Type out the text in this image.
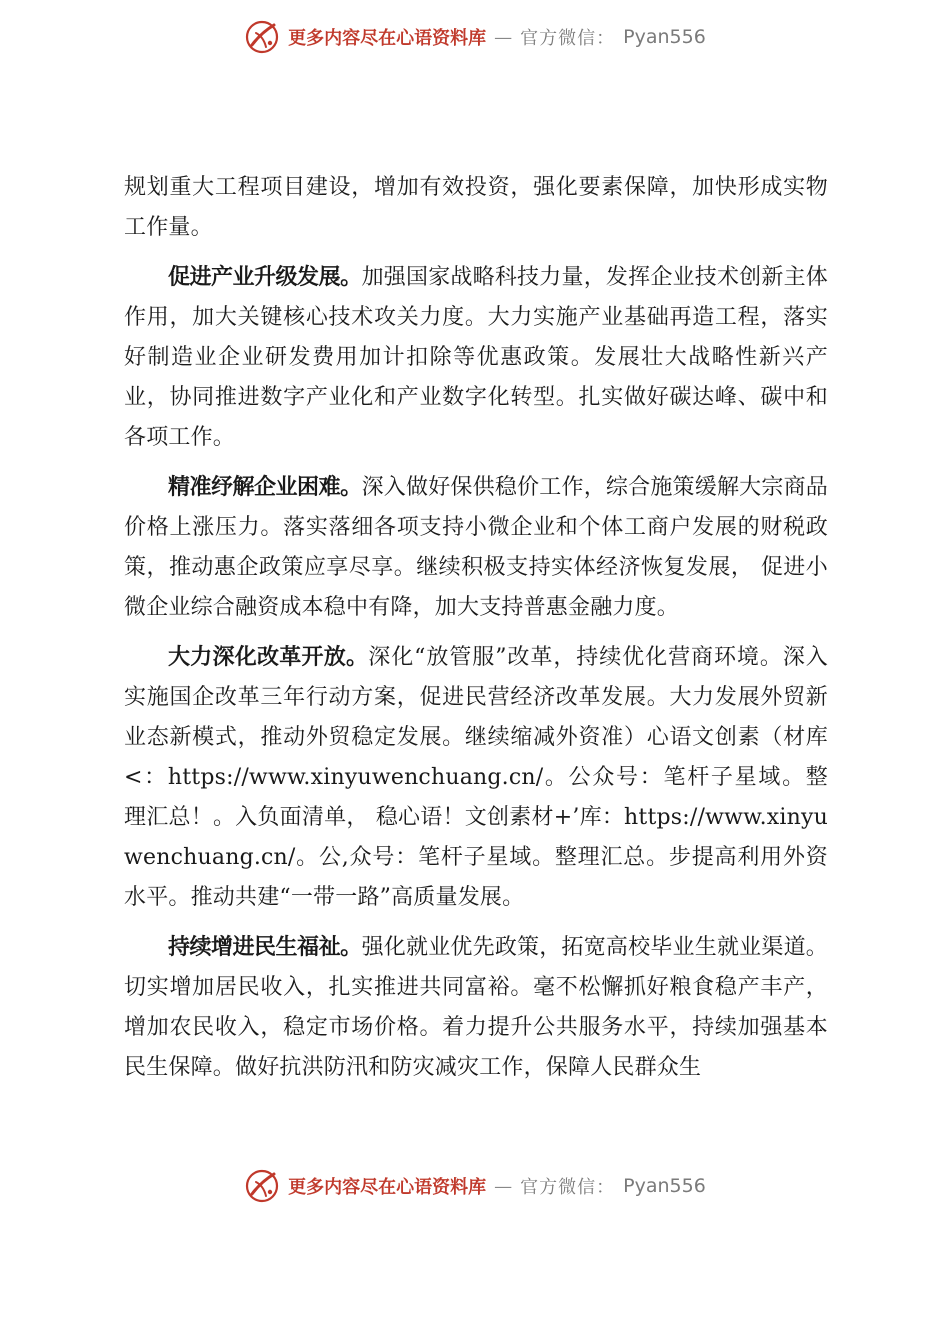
更多内容尽在心语资料库 — 官方微信： Pyan556

规划重大工程项目建设，增加有效投资，强化要素保障，加快形成实物工作量。

促进产业升级发展。加强国家战略科技力量，发挥企业技术创新主体作用，加大关键核心技术攻关力度。大力实施产业基础再造工程，落实好制造业企业研发费用加计扣除等优惠政策。发展壮大战略性新兴产业，协同推进数字产业化和产业数字化转型。扎实做好碳达峰、碳中和各项工作。

精准纾解企业困难。深入做好保供稳价工作，综合施策缓解大宗商品价格上涨压力。落实落细各项支持小微企业和个体工商户发展的财税政策，推动惠企政策应享尽享。继续积极支持实体经济恢复发展， 促进小微企业综合融资成本稳中有降，加大支持普惠金融力度。

大力深化改革开放。深化“放管服”改革，持续优化营商环境。深入实施国企改革三年行动方案，促进民营经济改革发展。大力发展外贸新业态新模式，推动外贸稳定发展。继续缩减外资准）心语文创素（材库<：https://www.xinyuwenchuang.cn/。公众号：笔杆子星域。整理汇总！。入负面清单， 稳心语！文创素材+’库：https://www.xinyuwenchuang.cn/。公,众号：笔杆子星域。整理汇总。步提高利用外资水平。推动共建“一带一路”高质量发展。

持续增进民生福祉。强化就业优先政策，拓宽高校毕业生就业渠道。切实增加居民收入，扎实推进共同富裕。毫不松懈抓好粮食稳产丰产，增加农民收入，稳定市场价格。着力提升公共服务水平，持续加强基本民生保障。做好抗洪防汛和防灾减灾工作，保障人民群众生

更多内容尽在心语资料库 — 官方微信： Pyan556
